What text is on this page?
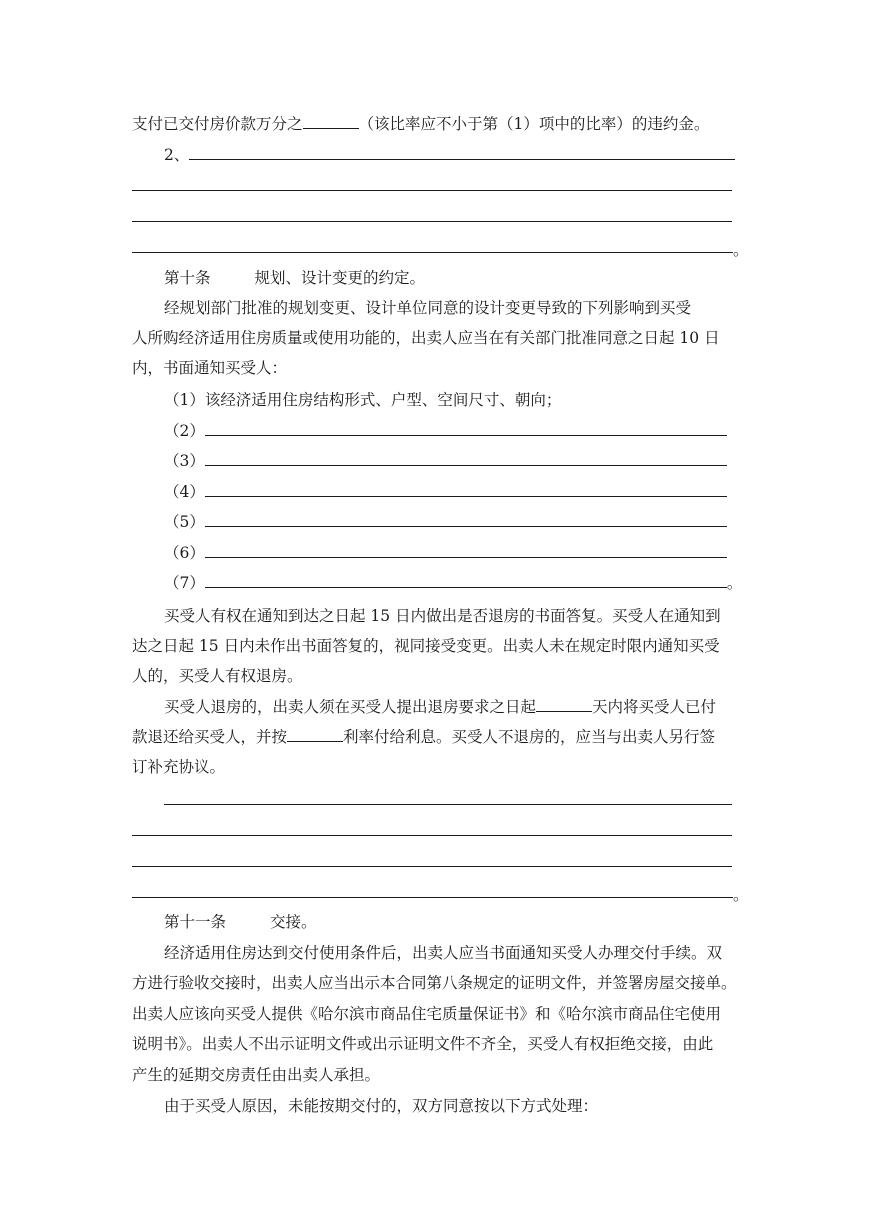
支付已交付房价款万分之	（该比率应不小于第（1）项中的比率）的违约金。
2、
。
第十条	规划、设计变更的约定。
经规划部门批准的规划变更、设计单位同意的设计变更导致的下列影响到买受
人所购经济适用住房质量或使用功能的，出卖人应当在有关部门批准同意之日起 10 日
内，书面通知买受人：
（1）该经济适用住房结构形式、户型、空间尺寸、朝向；
（2）
（3）
（4）
（5）
（6）
（7）	。
买受人有权在通知到达之日起 15 日内做出是否退房的书面答复。买受人在通知到
达之日起 15 日内未作出书面答复的，视同接受变更。出卖人未在规定时限内通知买受
人的，买受人有权退房。
买受人退房的，出卖人须在买受人提出退房要求之日起	天内将买受人已付
款退还给买受人，并按	利率付给利息。买受人不退房的，应当与出卖人另行签
订补充协议。
。
第十一条	交接。
经济适用住房达到交付使用条件后，出卖人应当书面通知买受人办理交付手续。双
方进行验收交接时，出卖人应当出示本合同第八条规定的证明文件，并签署房屋交接单。
出卖人应该向买受人提供《哈尔滨市商品住宅质量保证书》和《哈尔滨市商品住宅使用
说明书》。出卖人不出示证明文件或出示证明文件不齐全，买受人有权拒绝交接，由此
产生的延期交房责任由出卖人承担。
由于买受人原因，未能按期交付的，双方同意按以下方式处理：
